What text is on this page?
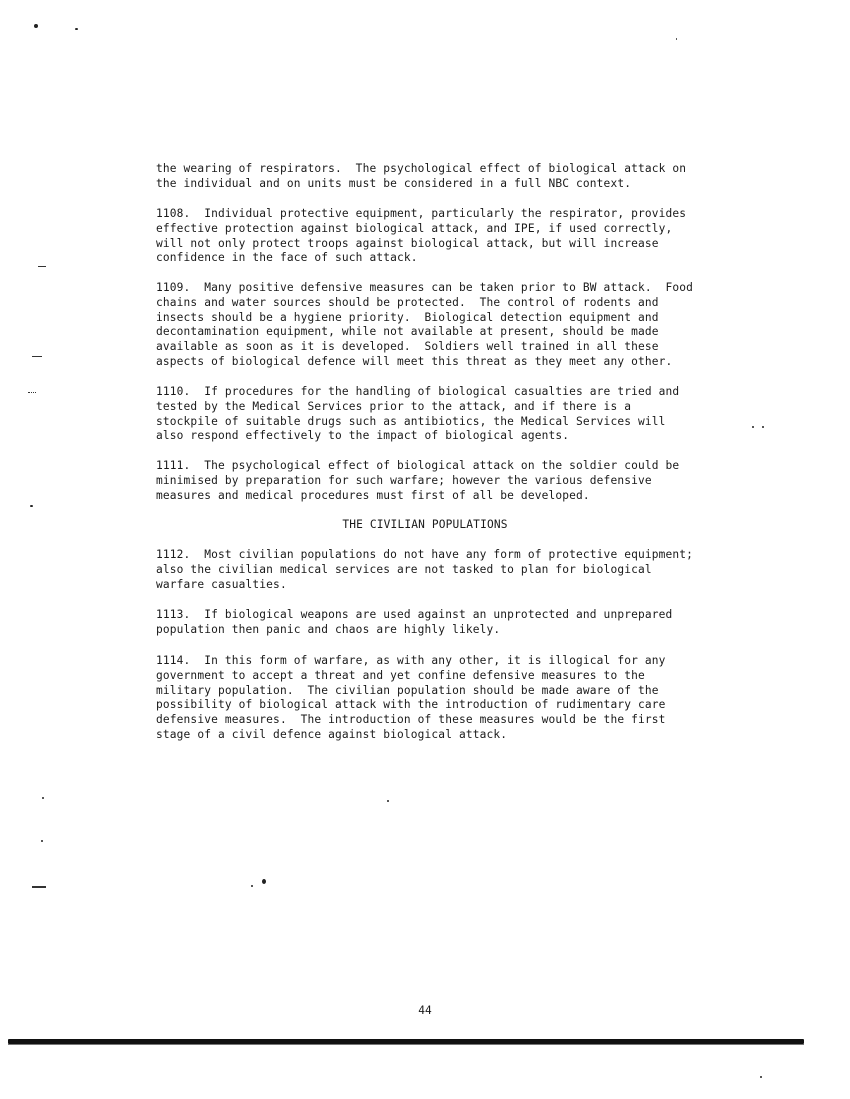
the wearing of respirators.  The psychological effect of biological attack on
the individual and on units must be considered in a full NBC context.
1108.  Individual protective equipment, particularly the respirator, provides
effective protection against biological attack, and IPE, if used correctly,
will not only protect troops against biological attack, but will increase
confidence in the face of such attack.
1109.  Many positive defensive measures can be taken prior to BW attack.  Food
chains and water sources should be protected.  The control of rodents and
insects should be a hygiene priority.  Biological detection equipment and
decontamination equipment, while not available at present, should be made
available as soon as it is developed.  Soldiers well trained in all these
aspects of biological defence will meet this threat as they meet any other.
1110.  If procedures for the handling of biological casualties are tried and
tested by the Medical Services prior to the attack, and if there is a
stockpile of suitable drugs such as antibiotics, the Medical Services will
also respond effectively to the impact of biological agents.
1111.  The psychological effect of biological attack on the soldier could be
minimised by preparation for such warfare; however the various defensive
measures and medical procedures must first of all be developed.
THE CIVILIAN POPULATIONS
1112.  Most civilian populations do not have any form of protective equipment;
also the civilian medical services are not tasked to plan for biological
warfare casualties.
1113.  If biological weapons are used against an unprotected and unprepared
population then panic and chaos are highly likely.
1114.  In this form of warfare, as with any other, it is illogical for any
government to accept a threat and yet confine defensive measures to the
military population.  The civilian population should be made aware of the
possibility of biological attack with the introduction of rudimentary care
defensive measures.  The introduction of these measures would be the first
stage of a civil defence against biological attack.
44
